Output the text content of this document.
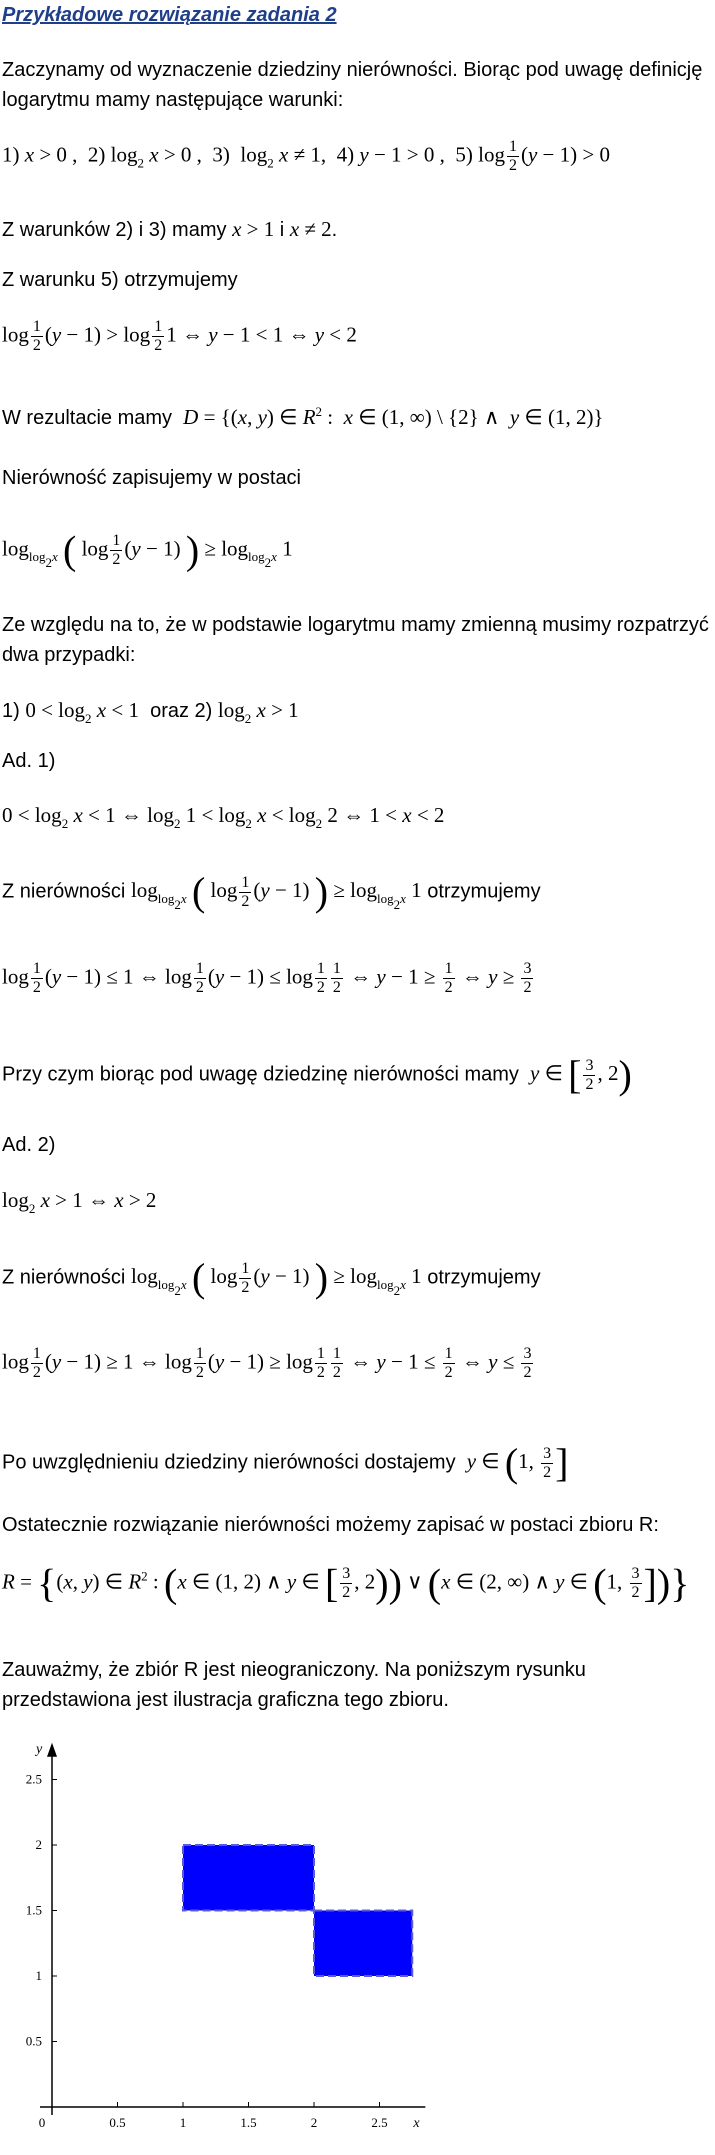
Przykładowe rozwiązanie zadania 2
Zaczynamy od wyznaczenie dziedziny nierówności. Biorąc pod uwagę definicję logarytmu mamy następujące warunki:
1) x > 0 ,  2) $\log_2 x > 0$ ,  3)  $\log_2 x \ne 1$,  4) y − 1 > 0 ,  5) $\log \frac{1}{2} (y - 1) > 0$
Z warunków 2) i 3) mamy x > 1 i x ≠ 2.
Z warunku 5) otrzymujemy
$\log \frac{1}{2} (y - 1) > \log \frac{1}{2} 1$ ⇔ y − 1 < 1 ⇔ y < 2
W rezultacie mamy D = {(x, y) ∈ $R^2$ :  x ∈ (1, ∞) \ {2} ∧  y ∈ (1, 2)}
Nierówność zapisujemy w postaci
$\log_{log_2x}$ ( $\log \frac{1}{2} (y - 1)$ ) ≥ $\log_{log_2x} 1$
Ze względu na to, że w podstawie logarytmu mamy zmienną musimy rozpatrzyć dwa przypadki:
1) $0 < \log_2 x < 1$ oraz 2) $\log_2 x > 1$
Ad. 1)
$0 < \log_2 x < 1$ ⇔ $\log_2 1 < \log_2 x < \log_2 2$ ⇔ 1 < x < 2
Z nierówności $\log_{log_2x}$ ( $\log \frac{1}{2} (y - 1)$ ) ≥ $\log_{log_2x} 1$ otrzymujemy
$\log \frac{1}{2} (y - 1) \le 1$ ⇔ $\log \frac{1}{2} (y - 1) \le \log \frac{1}{2} \frac{1}{2}$ ⇔ $y - 1 \ge \frac{1}{2}$ ⇔ $y \ge \frac{3}{2}$
Przy czym biorąc pod uwagę dziedzinę nierówności mamy y ∈ [ $\frac{3}{2}$ , 2)
Ad. 2)
$\log_2 x > 1$ ⇔ x > 2
Z nierówności $\log_{log_2x}$ ( $\log \frac{1}{2} (y - 1)$ ) ≥ $\log_{log_2x} 1$ otrzymujemy
$\log \frac{1}{2} (y - 1) \ge 1$ ⇔ $\log \frac{1}{2} (y - 1) \ge \log \frac{1}{2} \frac{1}{2}$ ⇔ $y - 1 \le \frac{1}{2}$ ⇔ $y \le \frac{3}{2}$
Po uwzględnieniu dziedziny nierówności dostajemy y ∈ (1, $\frac{3}{2}$ ]
Ostatecznie rozwiązanie nierówności możemy zapisać w postaci zbioru R:
R = {(x, y) ∈ $R^2$ : (x ∈ (1, 2) ∧ y ∈ [ $\frac{3}{2}$ , 2)) ∨ (x ∈ (2, ∞) ∧ y ∈ (1, $\frac{3}{2}$ ])}
Zauważmy, że zbiór R jest nieograniczony. Na poniższym rysunku przedstawiona jest ilustracja graficzna tego zbioru.
y
x
0	0.5	1	1.5	2	2.5
0.5
1
1.5
2
2.5
